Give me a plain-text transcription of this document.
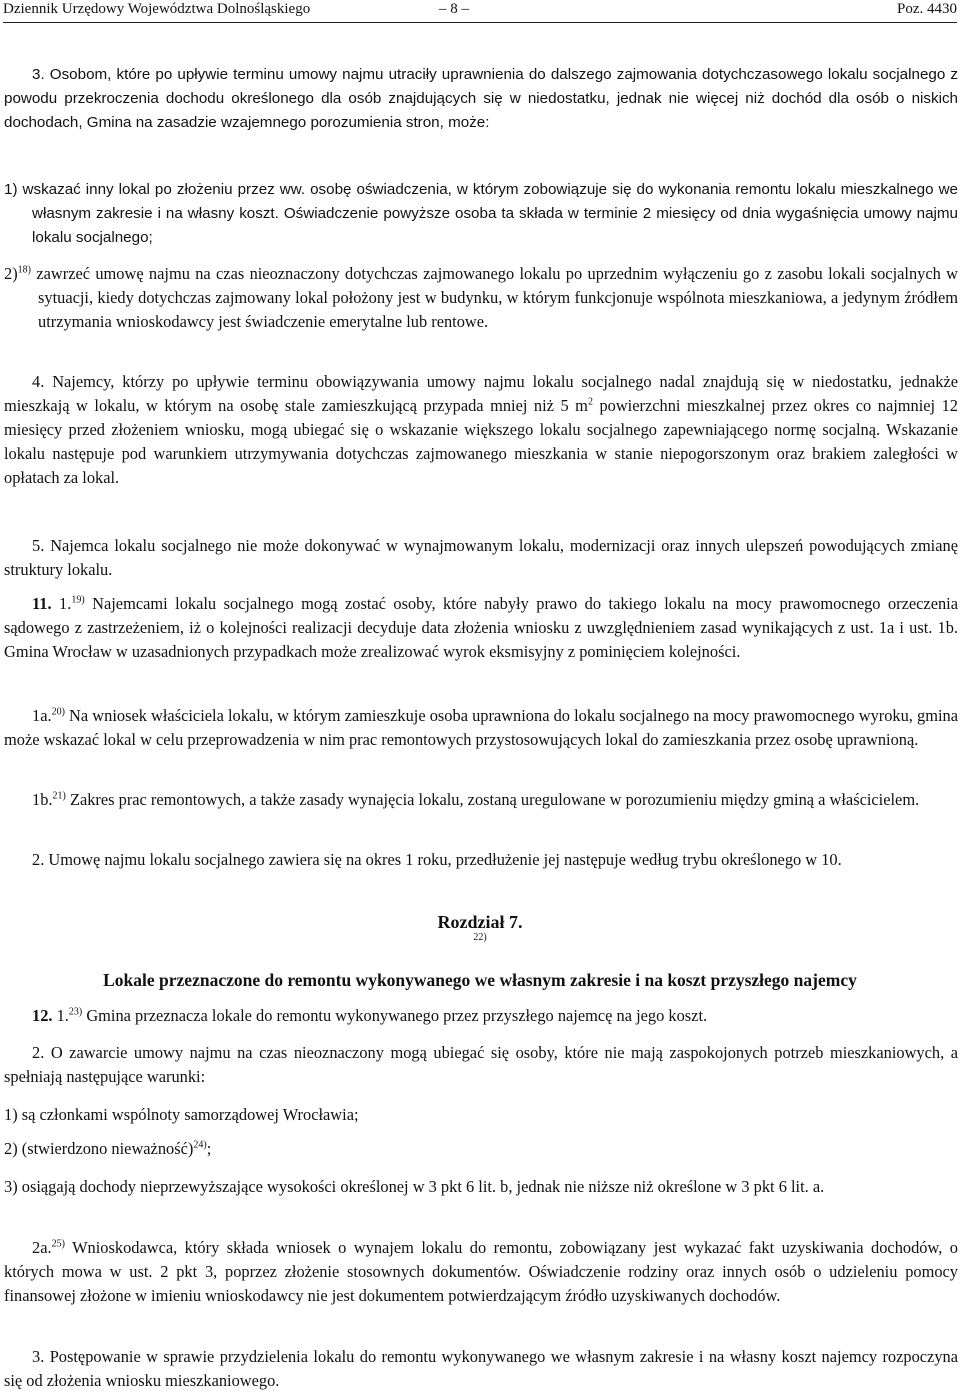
Dziennik Urzędowy Województwa Dolnośląskiego	– 8 –	Poz. 4430

3. Osobom, które po upływie terminu umowy najmu utraciły uprawnienia do dalszego zajmowania dotychczasowego lokalu socjalnego z powodu przekroczenia dochodu określonego dla osób znajdujących się w niedostatku, jednak nie więcej niż dochód dla osób o niskich dochodach, Gmina na zasadzie wzajemnego porozumienia stron, może:

1) wskazać inny lokal po złożeniu przez ww. osobę oświadczenia, w którym zobowiązuje się do wykonania remontu lokalu mieszkalnego we własnym zakresie i na własny koszt. Oświadczenie powyższe osoba ta składa w terminie 2 miesięcy od dnia wygaśnięcia umowy najmu lokalu socjalnego;

2)$^{18)}$ zawrzeć umowę najmu na czas nieoznaczony dotychczas zajmowanego lokalu po uprzednim wyłączeniu go z zasobu lokali socjalnych w sytuacji, kiedy dotychczas zajmowany lokal położony jest w budynku, w którym funkcjonuje wspólnota mieszkaniowa, a jedynym źródłem utrzymania wnioskodawcy jest świadczenie emerytalne lub rentowe.

4. Najemcy, którzy po upływie terminu obowiązywania umowy najmu lokalu socjalnego nadal znajdują się w niedostatku, jednakże mieszkają w lokalu, w którym na osobę stale zamieszkującą przypada mniej niż 5 $m^2$ powierzchni mieszkalnej przez okres co najmniej 12 miesięcy przed złożeniem wniosku, mogą ubiegać się o wskazanie większego lokalu socjalnego zapewniającego normę socjalną. Wskazanie lokalu następuje pod warunkiem utrzymywania dotychczas zajmowanego mieszkania w stanie niepogorszonym oraz brakiem zaległości w opłatach za lokal.

5. Najemca lokalu socjalnego nie może dokonywać w wynajmowanym lokalu, modernizacji oraz innych ulepszeń powodujących zmianę struktury lokalu.

11. 1.$^{19)}$ Najemcami lokalu socjalnego mogą zostać osoby, które nabyły prawo do takiego lokalu na mocy prawomocnego orzeczenia sądowego z zastrzeżeniem, iż o kolejności realizacji decyduje data złożenia wniosku z uwzględnieniem zasad wynikających z ust. 1a i ust. 1b. Gmina Wrocław w uzasadnionych przypadkach może zrealizować wyrok eksmisyjny z pominięciem kolejności.

1a.$^{20)}$ Na wniosek właściciela lokalu, w którym zamieszkuje osoba uprawniona do lokalu socjalnego na mocy prawomocnego wyroku, gmina może wskazać lokal w celu przeprowadzenia w nim prac remontowych przystosowujących lokal do zamieszkania przez osobę uprawnioną.

1b.$^{21)}$ Zakres prac remontowych, a także zasady wynajęcia lokalu, zostaną uregulowane w porozumieniu między gminą a właścicielem.

2. Umowę najmu lokalu socjalnego zawiera się na okres 1 roku, przedłużenie jej następuje według trybu określonego w 10.

Rozdział 7.

22)

Lokale przeznaczone do remontu wykonywanego we własnym zakresie i na koszt przyszłego najemcy

12. 1.$^{23)}$ Gmina przeznacza lokale do remontu wykonywanego przez przyszłego najemcę na jego koszt.

2. O zawarcie umowy najmu na czas nieoznaczony mogą ubiegać się osoby, które nie mają zaspokojonych potrzeb mieszkaniowych, a spełniają następujące warunki:

1) są członkami wspólnoty samorządowej Wrocławia;

2) (stwierdzono nieważność)$^{24)}$;

3) osiągają dochody nieprzewyższające wysokości określonej w 3 pkt 6 lit. b, jednak nie niższe niż określone w 3 pkt 6 lit. a.

2a.$^{25)}$ Wnioskodawca, który składa wniosek o wynajem lokalu do remontu, zobowiązany jest wykazać fakt uzyskiwania dochodów, o których mowa w ust. 2 pkt 3, poprzez złożenie stosownych dokumentów. Oświadczenie rodziny oraz innych osób o udzieleniu pomocy finansowej złożone w imieniu wnioskodawcy nie jest dokumentem potwierdzającym źródło uzyskiwanych dochodów.

3. Postępowanie w sprawie przydzielenia lokalu do remontu wykonywanego we własnym zakresie i na własny koszt najemcy rozpoczyna się od złożenia wniosku mieszkaniowego.
